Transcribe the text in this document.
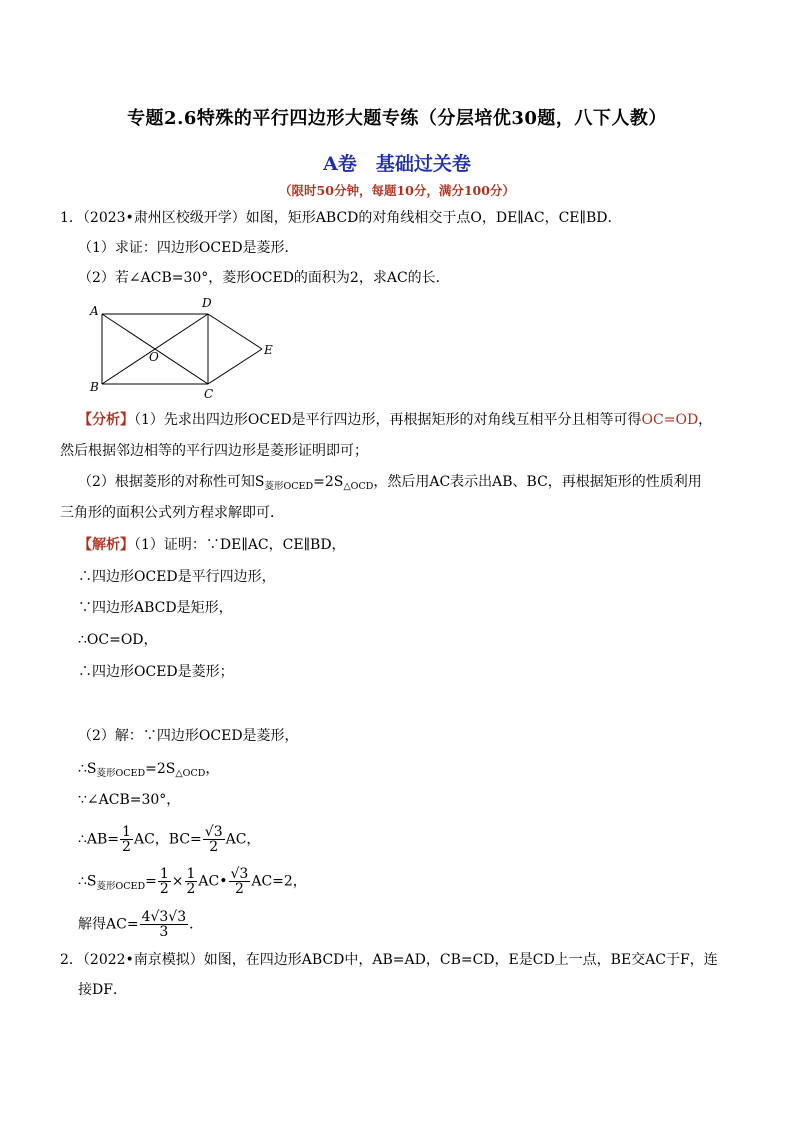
专题2.6特殊的平行四边形大题专练（分层培优30题，八下人教）
A卷　基础过关卷
（限时50分钟，每题10分，满分100分）
1．（2023•肃州区校级开学）如图，矩形ABCD的对角线相交于点O，DE∥AC，CE∥BD．
（1）求证：四边形OCED是菱形．
（2）若∠ACB=30°，菱形OCED的面积为2，求AC的长．
A
D
E
O
B	C
【分析】（1）先求出四边形OCED是平行四边形，再根据矩形的对角线互相平分且相等可得OC=OD，
然后根据邻边相等的平行四边形是菱形证明即可；
（2）根据菱形的对称性可知$S_{菱形OCED}=2S_{\triangle OCD}$，然后用AC表示出AB、BC，再根据矩形的性质利用
三角形的面积公式列方程求解即可．
【解析】（1）证明：∵DE∥AC，CE∥BD，
∴四边形OCED是平行四边形，
∵四边形ABCD是矩形，
∴OC=OD，
∴四边形OCED是菱形；
（2）解：∵四边形OCED是菱形，
$\therefore S_{菱形OCED}=2S_{\triangle OCD}$，
∵∠ACB=30°，
∴AB= $\frac{1}{2}$ AC，$BC= \frac{√3}{2}$ AC，
$\therefore S_{菱形OCED}= \frac{1}{2} \times \frac{1}{2}$ AC• $\frac{√3}{2} AC=2$，
解得$AC= \frac{4√3√3}{3}$ ．
2．（2022•南京模拟）如图，在四边形ABCD中，AB=AD，CB=CD，E是CD上一点，BE交AC于F，连
接DF．
